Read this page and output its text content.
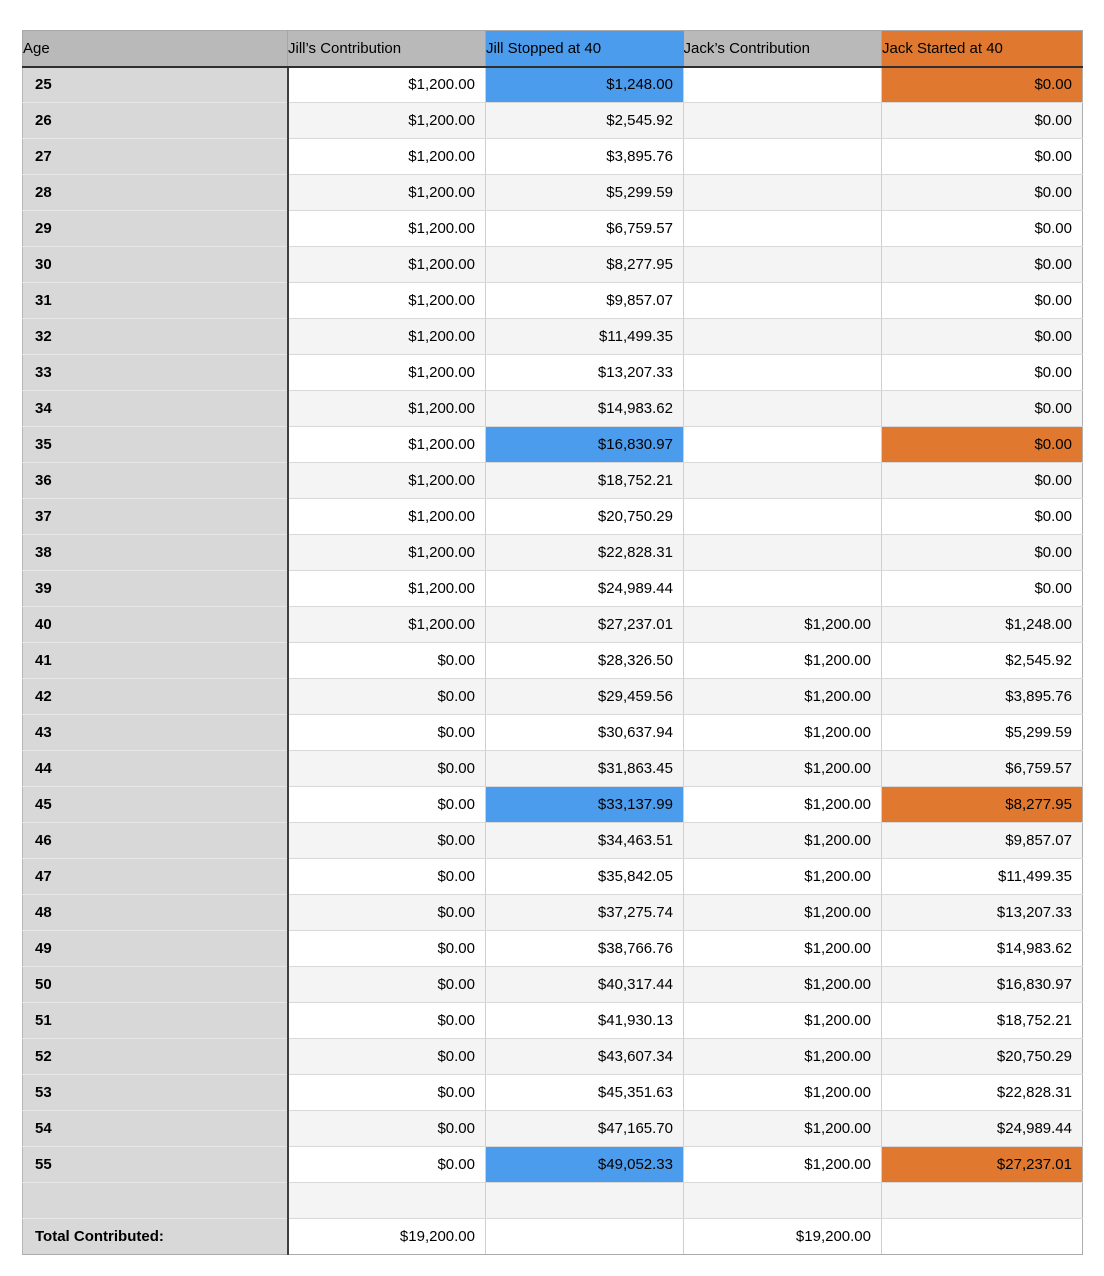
Age	Jill’s Contribution	Jill Stopped at 40	Jack’s Contribution	Jack Started at 40
25	$1,200.00	$1,248.00		$0.00
26	$1,200.00	$2,545.92		$0.00
27	$1,200.00	$3,895.76		$0.00
28	$1,200.00	$5,299.59		$0.00
29	$1,200.00	$6,759.57		$0.00
30	$1,200.00	$8,277.95		$0.00
31	$1,200.00	$9,857.07		$0.00
32	$1,200.00	$11,499.35		$0.00
33	$1,200.00	$13,207.33		$0.00
34	$1,200.00	$14,983.62		$0.00
35	$1,200.00	$16,830.97		$0.00
36	$1,200.00	$18,752.21		$0.00
37	$1,200.00	$20,750.29		$0.00
38	$1,200.00	$22,828.31		$0.00
39	$1,200.00	$24,989.44		$0.00
40	$1,200.00	$27,237.01	$1,200.00	$1,248.00
41	$0.00	$28,326.50	$1,200.00	$2,545.92
42	$0.00	$29,459.56	$1,200.00	$3,895.76
43	$0.00	$30,637.94	$1,200.00	$5,299.59
44	$0.00	$31,863.45	$1,200.00	$6,759.57
45	$0.00	$33,137.99	$1,200.00	$8,277.95
46	$0.00	$34,463.51	$1,200.00	$9,857.07
47	$0.00	$35,842.05	$1,200.00	$11,499.35
48	$0.00	$37,275.74	$1,200.00	$13,207.33
49	$0.00	$38,766.76	$1,200.00	$14,983.62
50	$0.00	$40,317.44	$1,200.00	$16,830.97
51	$0.00	$41,930.13	$1,200.00	$18,752.21
52	$0.00	$43,607.34	$1,200.00	$20,750.29
53	$0.00	$45,351.63	$1,200.00	$22,828.31
54	$0.00	$47,165.70	$1,200.00	$24,989.44
55	$0.00	$49,052.33	$1,200.00	$27,237.01

Total Contributed:	$19,200.00		$19,200.00	
